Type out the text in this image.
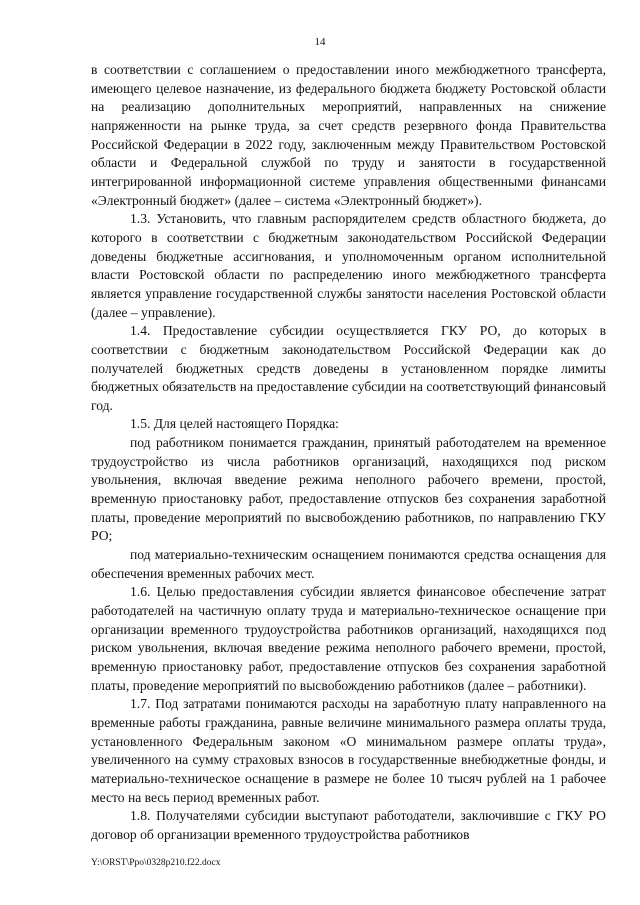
14

в соответствии с соглашением о предоставлении иного межбюджетного трансферта, имеющего целевое назначение, из федерального бюджета бюджету Ростовской области на реализацию дополнительных мероприятий, направленных на снижение напряженности на рынке труда, за счет средств резервного фонда Правительства Российской Федерации в 2022 году, заключенным между Правительством Ростовской области и Федеральной службой по труду и занятости в государственной интегрированной информационной системе управления общественными финансами «Электронный бюджет» (далее – система «Электронный бюджет»).

1.3. Установить, что главным распорядителем средств областного бюджета, до которого в соответствии с бюджетным законодательством Российской Федерации доведены бюджетные ассигнования, и уполномоченным органом исполнительной власти Ростовской области по распределению иного межбюджетного трансферта является управление государственной службы занятости населения Ростовской области (далее – управление).

1.4. Предоставление субсидии осуществляется ГКУ РО, до которых в соответствии с бюджетным законодательством Российской Федерации как до получателей бюджетных средств доведены в установленном порядке лимиты бюджетных обязательств на предоставление субсидии на соответствующий финансовый год.

1.5. Для целей настоящего Порядка:

под работником понимается гражданин, принятый работодателем на временное трудоустройство из числа работников организаций, находящихся под риском увольнения, включая введение режима неполного рабочего времени, простой, временную приостановку работ, предоставление отпусков без сохранения заработной платы, проведение мероприятий по высвобождению работников, по направлению ГКУ РО;

под материально-техническим оснащением понимаются средства оснащения для обеспечения временных рабочих мест.

1.6. Целью предоставления субсидии является финансовое обеспечение затрат работодателей на частичную оплату труда и материально-техническое оснащение при организации временного трудоустройства работников организаций, находящихся под риском увольнения, включая введение режима неполного рабочего времени, простой, временную приостановку работ, предоставление отпусков без сохранения заработной платы, проведение мероприятий по высвобождению работников (далее – работники).

1.7. Под затратами понимаются расходы на заработную плату направленного на временные работы гражданина, равные величине минимального размера оплаты труда, установленного Федеральным законом «О минимальном размере оплаты труда», увеличенного на сумму страховых взносов в государственные внебюджетные фонды, и материально-техническое оснащение в размере не более 10 тысяч рублей на 1 рабочее место на весь период временных работ.

1.8. Получателями субсидии выступают работодатели, заключившие с ГКУ РО договор об организации временного трудоустройства работников

Y:\ORST\Ppo\0328p210.f22.docx
